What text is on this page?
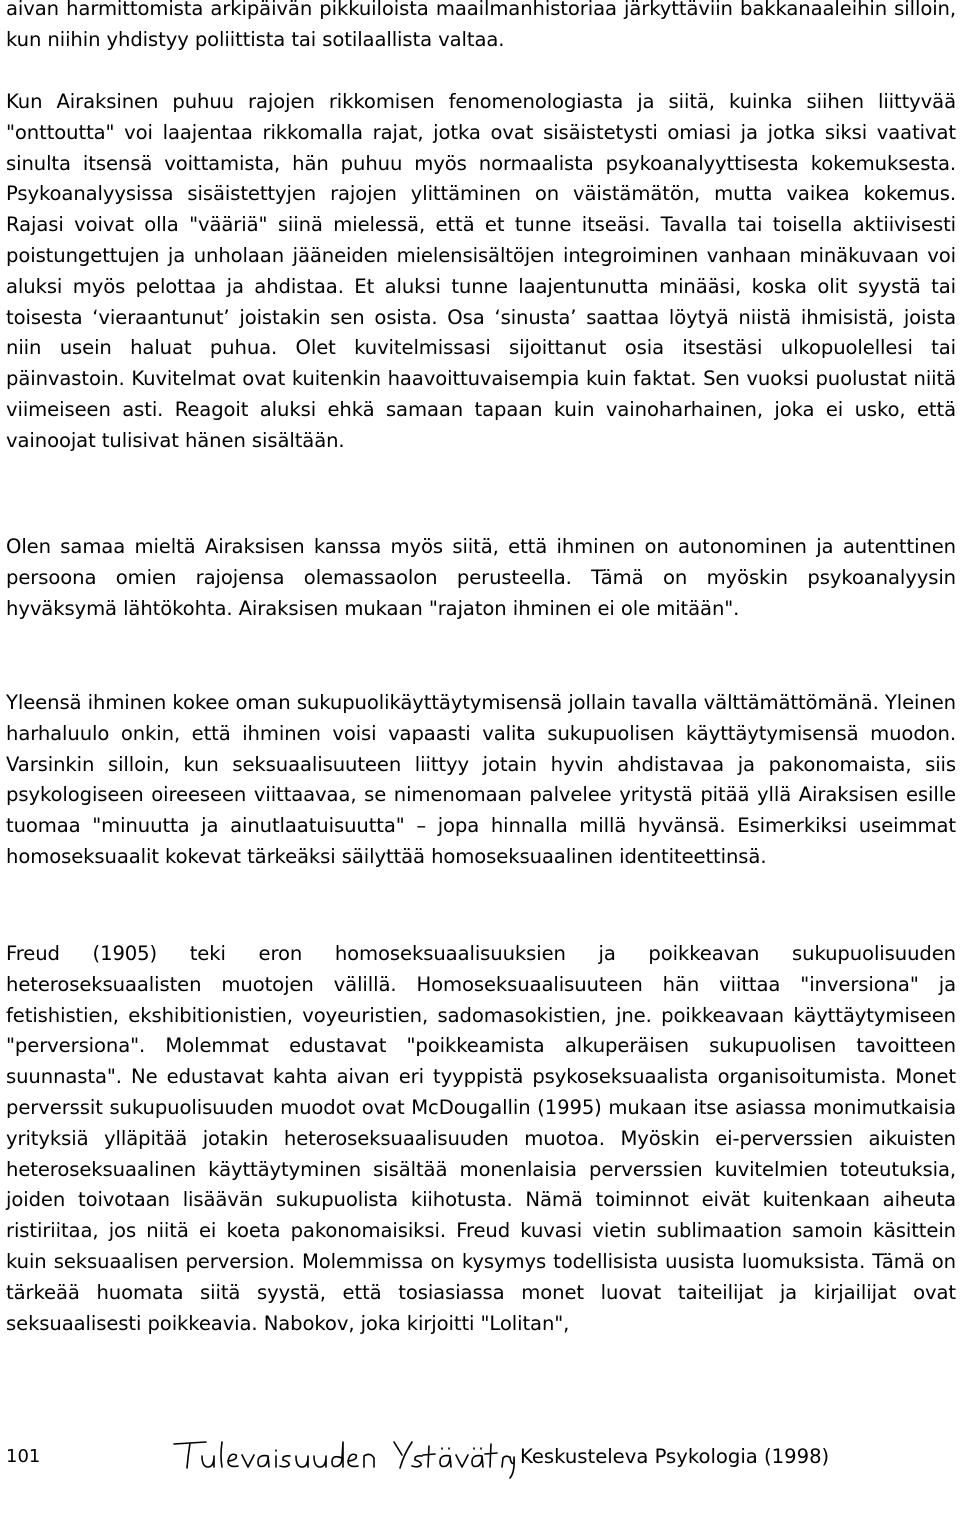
aivan harmittomista arkipäivän pikkuiloista maailmanhistoriaa järkyttäviin bakkanaaleihin silloin, kun niihin yhdistyy poliittista tai sotilaallista valtaa.

Kun Airaksinen puhuu rajojen rikkomisen fenomenologiasta ja siitä, kuinka siihen liittyvää "onttoutta" voi laajentaa rikkomalla rajat, jotka ovat sisäistetysti omiasi ja jotka siksi vaativat sinulta itsensä voittamista, hän puhuu myös normaalista psykoanalyyttisesta kokemuksesta. Psykoanalyysissa sisäistettyjen rajojen ylittäminen on väistämätön, mutta vaikea kokemus. Rajasi voivat olla "vääriä" siinä mielessä, että et tunne itseäsi. Tavalla tai toisella aktiivisesti poistungettujen ja unholaan jääneiden mielensisältöjen integroiminen vanhaan minäkuvaan voi aluksi myös pelottaa ja ahdistaa. Et aluksi tunne laajentunutta minääsi, koska olit syystä tai toisesta ‘vieraantunut’ joistakin sen osista. Osa ‘sinusta’ saattaa löytyä niistä ihmisistä, joista niin usein haluat puhua. Olet kuvitelmissasi sijoittanut osia itsestäsi ulkopuolellesi tai päinvastoin. Kuvitelmat ovat kuitenkin haavoittuvaisempia kuin faktat. Sen vuoksi puolustat niitä viimeiseen asti. Reagoit aluksi ehkä samaan tapaan kuin vainoharhainen, joka ei usko, että vainoojat tulisivat hänen sisältään.

Olen samaa mieltä Airaksisen kanssa myös siitä, että ihminen on autonominen ja autenttinen persoona omien rajojensa olemassaolon perusteella. Tämä on myöskin psykoanalyysin hyväksymä lähtökohta. Airaksisen mukaan "rajaton ihminen ei ole mitään".

Yleensä ihminen kokee oman sukupuolikäyttäytymisensä jollain tavalla välttämättömänä. Yleinen harhaluulo onkin, että ihminen voisi vapaasti valita sukupuolisen käyttäytymisensä muodon. Varsinkin silloin, kun seksuaalisuuteen liittyy jotain hyvin ahdistavaa ja pakonomaista, siis psykologiseen oireeseen viittaavaa, se nimenomaan palvelee yritystä pitää yllä Airaksisen esille tuomaa "minuutta ja ainutlaatuisuutta" – jopa hinnalla millä hyvänsä. Esimerkiksi useimmat homoseksuaalit kokevat tärkeäksi säilyttää homoseksuaalinen identiteettinsä.

Freud (1905) teki eron homoseksuaalisuuksien ja poikkeavan sukupuolisuuden heteroseksuaalisten muotojen välillä. Homoseksuaalisuuteen hän viittaa "inversiona" ja fetishistien, ekshibitionistien, voyeuristien, sadomasokistien, jne. poikkeavaan käyttäytymiseen "perversiona". Molemmat edustavat "poikkeamista alkuperäisen sukupuolisen tavoitteen suunnasta". Ne edustavat kahta aivan eri tyyppistä psykoseksuaalista organisoitumista. Monet perverssit sukupuolisuuden muodot ovat McDougallin (1995) mukaan itse asiassa monimutkaisia yrityksiä ylläpitää jotakin heteroseksuaalisuuden muotoa. Myöskin ei-perverssien aikuisten heteroseksuaalinen käyttäytyminen sisältää monenlaisia perverssien kuvitelmien toteutuksia, joiden toivotaan lisäävän sukupuolista kiihotusta. Nämä toiminnot eivät kuitenkaan aiheuta ristiriitaa, jos niitä ei koeta pakonomaisiksi. Freud kuvasi vietin sublimaation samoin käsittein kuin seksuaalisen perversion. Molemmissa on kysymys todellisista uusista luomuksista. Tämä on tärkeää huomata siitä syystä, että tosiasiassa monet luovat taiteilijat ja kirjailijat ovat seksuaalisesti poikkeavia. Nabokov, joka kirjoitti "Lolitan",

101	Keskusteleva Psykologia (1998)
